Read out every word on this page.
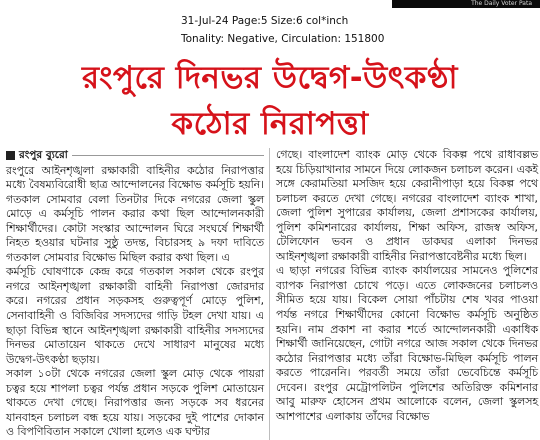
The Daily Voter Pata
31-Jul-24 Page:5 Size:6 col*inch
Tonality: Negative, Circulation: 151800
রংপুরে দিনভর উদ্বেগ-উৎকণ্ঠা
কঠোর নিরাপত্তা
রংপুর ব্যুরো

রংপুরে আইনশৃঙ্খলা রক্ষাকারী বাহিনীর কঠোর নিরাপত্তার মধ্যে বৈষম্যবিরোধী ছাত্র আন্দোলনের বিক্ষোভ কর্মসূচি হয়নি। গতকাল সোমবার বেলা তিনটার দিকে নগরের জেলা স্কুল মোড়ে এ কর্মসূচি পালন করার কথা ছিল আন্দোলনকারী শিক্ষার্থীদের। কোটা সংস্কার আন্দোলন ঘিরে সংঘর্ষে শিক্ষার্থী নিহত হওয়ার ঘটনার সুষ্ঠু তদন্ত, বিচারসহ ৯ দফা দাবিতে গতকাল সোমবার বিক্ষোভ মিছিল করার কথা ছিল। এ

কর্মসূচি ঘোষণাকে কেন্দ্র করে গতকাল সকাল থেকে রংপুর নগরে আইনশৃঙ্খলা রক্ষাকারী বাহিনী নিরাপত্তা জোরদার করে। নগরের প্রধান সড়কসহ গুরুত্বপূর্ণ মোড়ে পুলিশ, সেনাবাহিনী ও বিজিবির সদস্যদের গাড়ি টহল দেখা যায়। এ ছাড়া বিভিন্ন স্থানে আইনশৃঙ্খলা রক্ষাকারী বাহিনীর সদস্যদের দিনভর মোতায়েন থাকতে দেখে সাধারণ মানুষের মধ্যে উদ্বেগ-উৎকণ্ঠা ছড়ায়।

সকাল ১০টা থেকে নগরের জেলা স্কুল মোড় থেকে পায়রা চত্বর হয়ে শাপলা চত্বর পর্যন্ত প্রধান সড়কে পুলিশ মোতায়েন থাকতে দেখা গেছে। নিরাপত্তার জন্য সড়কে সব ধরনের যানবাহন চলাচল বন্ধ হয়ে যায়। সড়কের দুই পাশের দোকান ও বিপণিবিতান সকালে খোলা হলেও এক ঘণ্টার

গেছে। বাংলাদেশ ব্যাংক মোড় থেকে বিকল্প পথে রাধাবল্লভ হয়ে চিড়িয়াখানার সামনে দিয়ে লোকজন চলাচল করেন। একই সঙ্গে কেরামতিয়া মসজিদ হয়ে কেরানীপাড়া হয়ে বিকল্প পথে চলাচল করতে দেখা গেছে। নগরের বাংলাদেশ ব্যাংক শাখা, জেলা পুলিশ সুপারের কার্যালয়, জেলা প্রশাসকের কার্যালয়, পুলিশ কমিশনারের কার্যালয়, শিক্ষা অফিস, রাজস্ব অফিস, টেলিফোন ভবন ও প্রধান ডাকঘর এলাকা দিনভর আইনশৃঙ্খলা রক্ষাকারী বাহিনীর নিরাপত্তাবেষ্টনীর মধ্যে ছিল।

এ ছাড়া নগরের বিভিন্ন ব্যাংক কার্যালয়ের সামনেও পুলিশের ব্যাপক নিরাপত্তা চোখে পড়ে। এতে লোকজনের চলাচলও সীমিত হয়ে যায়। বিকেল সোয়া পাঁচটায় শেষ খবর পাওয়া পর্যন্ত নগরে শিক্ষার্থীদের কোনো বিক্ষোভ কর্মসূচি অনুষ্ঠিত হয়নি। নাম প্রকাশ না করার শর্তে আন্দোলনকারী একাধিক শিক্ষার্থী জানিয়েছেন, গোটা নগরে আজ সকাল থেকে দিনভর কঠোর নিরাপত্তার মধ্যে তাঁরা বিক্ষোভ-মিছিল কর্মসূচি পালন করতে পারেননি। পরবর্তী সময়ে তাঁরা ভেবেচিন্তে কর্মসূচি দেবেন। রংপুর মেট্রোপলিটন পুলিশের অতিরিক্ত কমিশনার আবু মারুফ হোসেন প্রথম আলোকে বলেন, জেলা স্কুলসহ আশপাশের এলাকায় তাঁদের বিক্ষোভ
